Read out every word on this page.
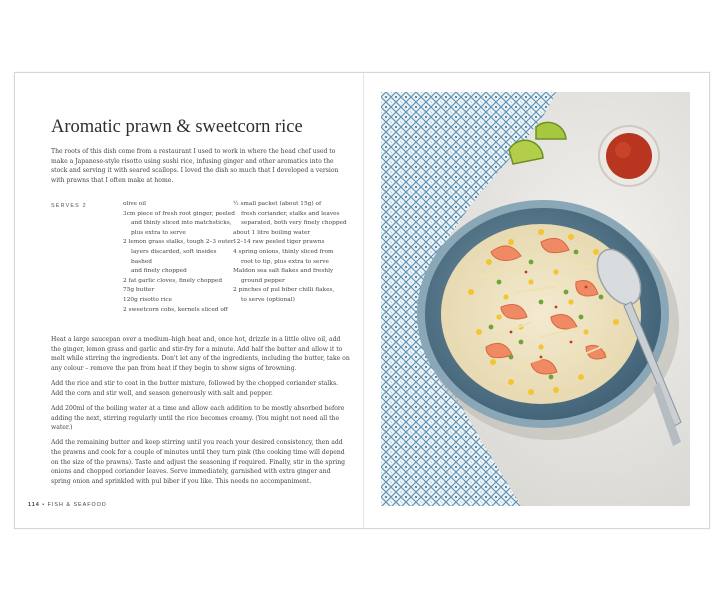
Aromatic prawn & sweetcorn rice
The roots of this dish come from a restaurant I used to work in where the head chef used to make a Japanese-style risotto using sushi rice, infusing ginger and other aromatics into the stock and serving it with seared scallops. I loved the dish so much that I developed a version with prawns that I often make at home.
SERVES 2	olive oil
3cm piece of fresh root ginger, peeled
and thinly sliced into matchsticks,
plus extra to serve
2 lemon grass stalks, tough 2–3 outer
layers discarded, soft insides bashed
and finely chopped
2 fat garlic cloves, finely chopped
75g butter
120g risotto rice
2 sweetcorn cobs, kernels sliced off
½ small packet (about 15g) of
fresh coriander, stalks and leaves
separated, both very finely chopped
about 1 litre boiling water
12–14 raw peeled tiger prawns
4 spring onions, thinly sliced from
root to tip, plus extra to serve
Maldon sea salt flakes and freshly
ground pepper
2 pinches of pul biber chilli flakes,
to serve (optional)

Heat a large saucepan over a medium–high heat and, once hot, drizzle in a little olive oil, add the ginger, lemon grass and garlic and stir-fry for a minute. Add half the butter and allow it to melt while stirring the ingredients. Don't let any of the ingredients, including the butter, take on any colour – remove the pan from heat if they begin to show signs of browning.

Add the rice and stir to coat in the butter mixture, followed by the chopped coriander stalks. Add the corn and stir well, and season generously with salt and pepper.

Add 200ml of the boiling water at a time and allow each addition to be mostly absorbed before adding the next, stirring regularly until the rice becomes creamy. (You might not need all the water.)

Add the remaining butter and keep stirring until you reach your desired consistency, then add the prawns and cook for a couple of minutes until they turn pink (the cooking time will depend on the size of the prawns). Taste and adjust the seasoning if required. Finally, stir in the spring onions and chopped coriander leaves. Serve immediately, garnished with extra ginger and spring onion and sprinkled with pul biber if you like. This needs no accompaniment.

114 • FISH & SEAFOOD
